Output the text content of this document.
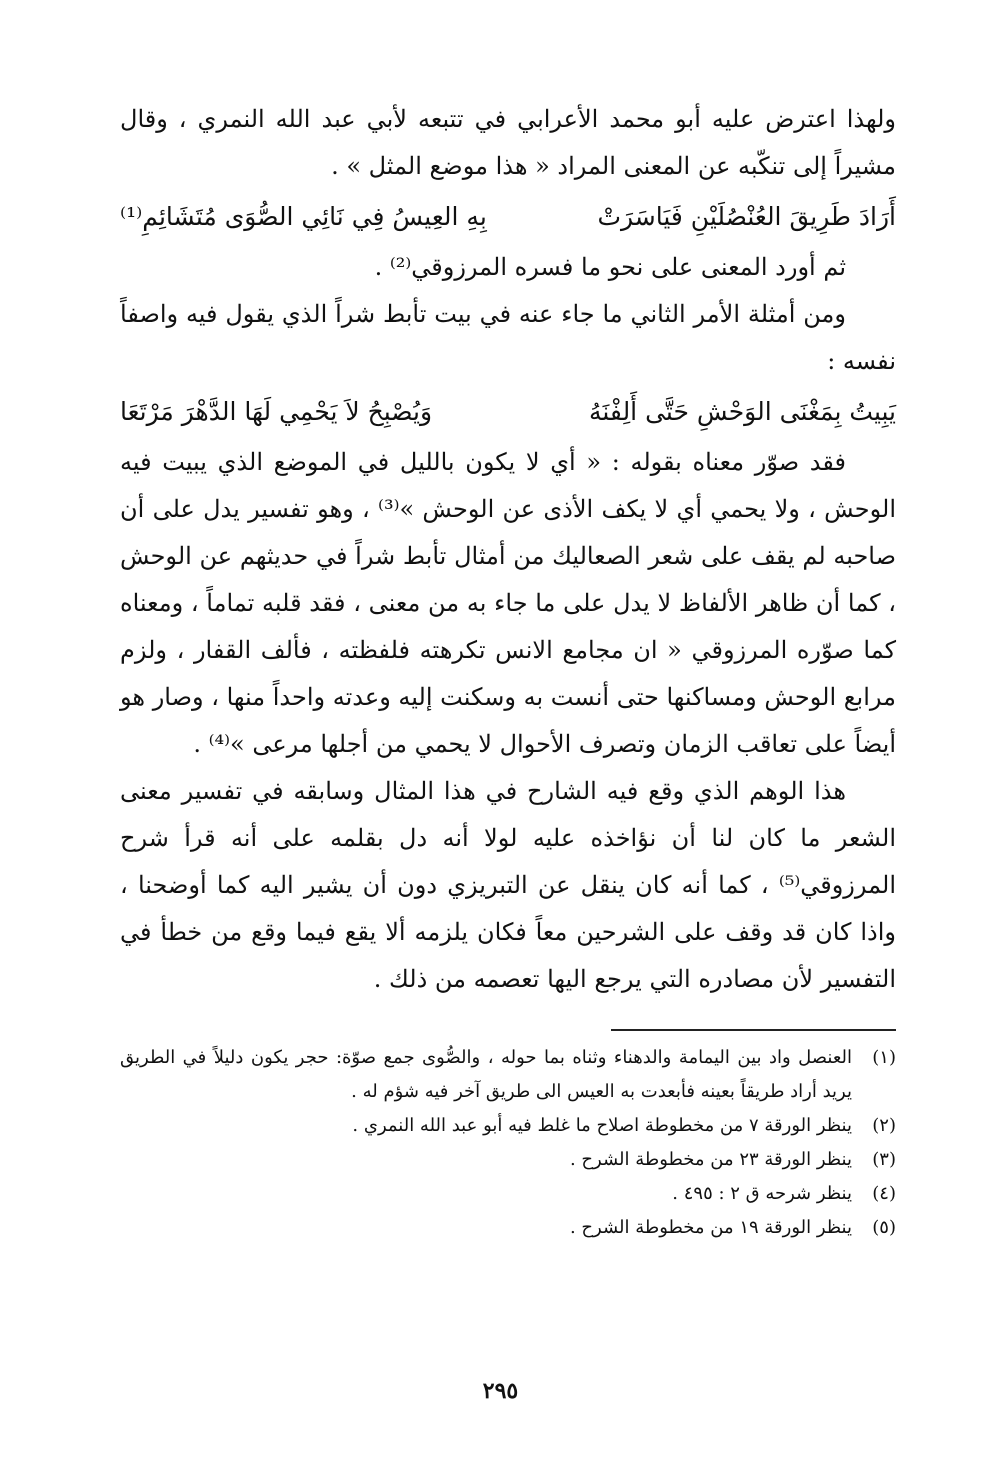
ولهذا اعترض عليه أبو محمد الأعرابي في تتبعه لأبي عبد الله النمري ، وقال مشيراً إلى تنكّبه عن المعنى المراد « هذا موضع المثل » .

أَرَادَ طَرِيقَ العُنْصُلَيْنِ فَيَاسَرَتْ
بِهِ العِيسُ فِي نَائِي الصُّوَى مُتَشَائِمِ⁽¹⁾

ثم أورد المعنى على نحو ما فسره المرزوقي⁽²⁾ .

ومن أمثلة الأمر الثاني ما جاء عنه في بيت تأبط شراً الذي يقول فيه واصفاً نفسه :

يَبِيتُ بِمَغْنَى الوَحْشِ حَتَّى أَلِفْنَهُ
وَيُصْبِحُ لاَ يَحْمِي لَهَا الدَّهْرَ مَرْتَعَا

فقد صوّر معناه بقوله : « أي لا يكون بالليل في الموضع الذي يبيت فيه الوحش ، ولا يحمي أي لا يكف الأذى عن الوحش »⁽³⁾ ، وهو تفسير يدل على أن صاحبه لم يقف على شعر الصعاليك من أمثال تأبط شراً في حديثهم عن الوحش ، كما أن ظاهر الألفاظ لا يدل على ما جاء به من معنى ، فقد قلبه تماماً ، ومعناه كما صوّره المرزوقي « ان مجامع الانس تكرهته فلفظته ، فألف القفار ، ولزم مرابع الوحش ومساكنها حتى أنست به وسكنت إليه وعدته واحداً منها ، وصار هو أيضاً على تعاقب الزمان وتصرف الأحوال لا يحمي من أجلها مرعى »⁽⁴⁾ .

هذا الوهم الذي وقع فيه الشارح في هذا المثال وسابقه في تفسير معنى الشعر ما كان لنا أن نؤاخذه عليه لولا أنه دل بقلمه على أنه قرأ شرح المرزوقي⁽⁵⁾ ، كما أنه كان ينقل عن التبريزي دون أن يشير اليه كما أوضحنا ، واذا كان قد وقف على الشرحين معاً فكان يلزمه ألا يقع فيما وقع من خطأ في التفسير لأن مصادره التي يرجع اليها تعصمه من ذلك .

(١)
العنصل واد بين اليمامة والدهناء وثناه بما حوله ، والصُّوى جمع صوّة: حجر يكون دليلاً في الطريق يريد أراد طريقاً بعينه فأبعدت به العيس الى طريق آخر فيه شؤم له .
(٢)
ينظر الورقة ٧ من مخطوطة اصلاح ما غلط فيه أبو عبد الله النمري .
(٣)
ينظر الورقة ٢٣ من مخطوطة الشرح .
(٤)
ينظر شرحه ق ٢ : ٤٩٥ .
(٥)
ينظر الورقة ١٩ من مخطوطة الشرح .
٢٩٥
